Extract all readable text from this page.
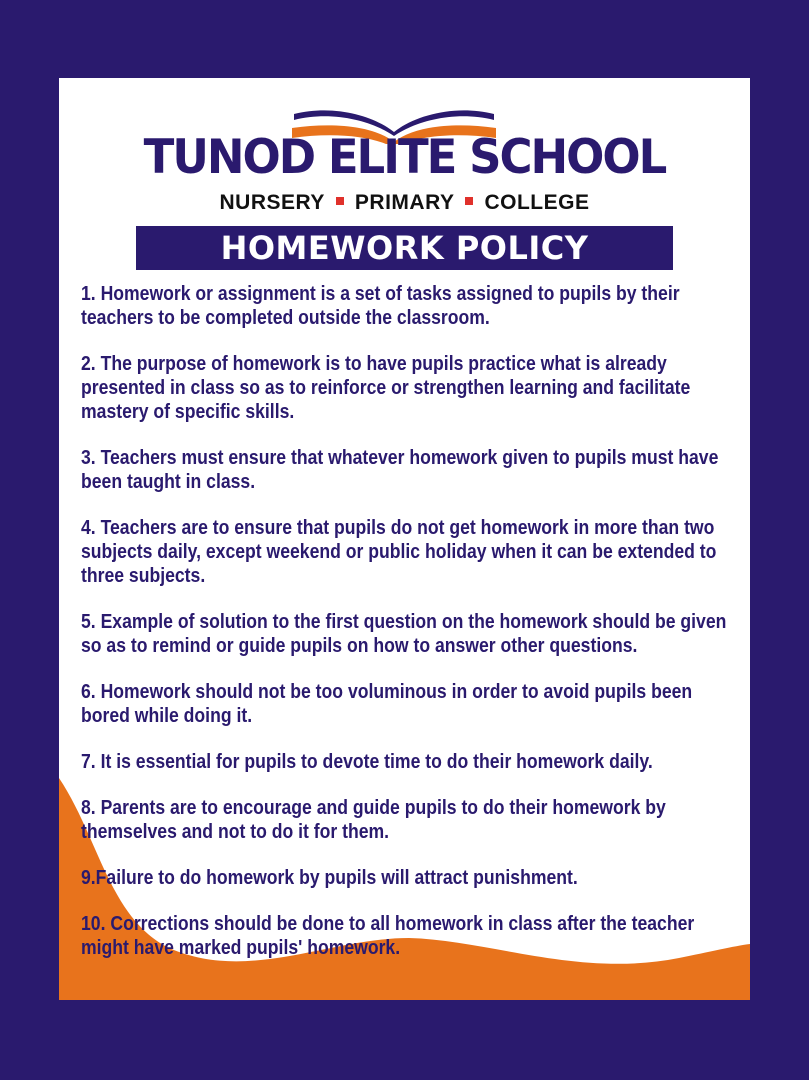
TUNOD ELITE SCHOOL
NURSERY PRIMARY COLLEGE
HOMEWORK POLICY
1. Homework or assignment is a set of tasks assigned to pupils by their teachers to be completed outside the classroom.
2. The purpose of homework is to have pupils practice what is already presented in class so as to reinforce or strengthen learning and facilitate mastery of specific skills.
3. Teachers must ensure that whatever homework given to pupils must have been taught in class.
4. Teachers are to ensure that pupils do not get homework in more than two subjects daily, except weekend or public holiday when it can be extended to three subjects.
5. Example of solution to the first question on the homework should be given so as to remind or guide pupils on how to answer other questions.
6. Homework should not be too voluminous in order to avoid pupils been bored while doing it.
7. It is essential for pupils to devote time to do their homework daily.
8. Parents are to encourage and guide pupils to do their homework by themselves and not to do it for them.
9.Failure to do homework by pupils will attract punishment.
10. Corrections should be done to all homework in class after the teacher might have marked pupils' homework.
